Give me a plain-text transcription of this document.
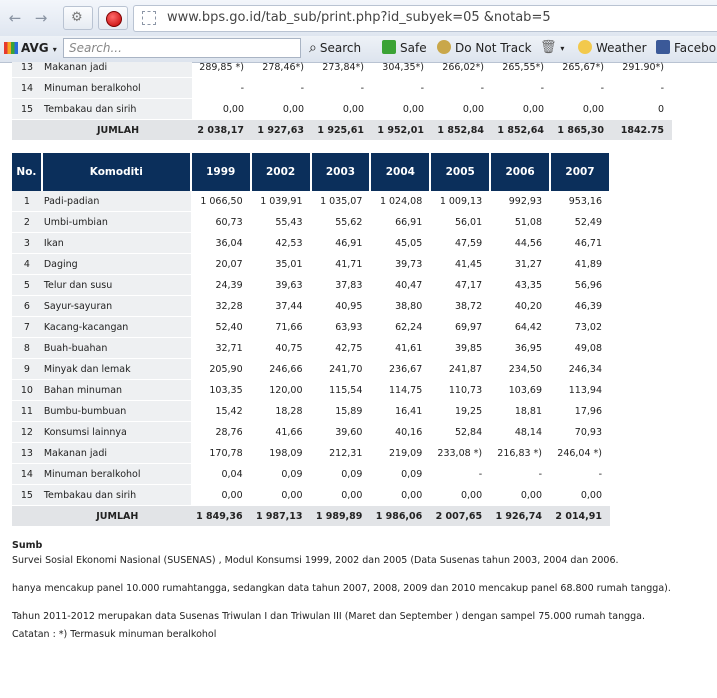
← →	⚙	www.bps.go.id/tab_sub/print.php?id_subyek=05 &notab=5
AVG ▾	Search...	⌕ Search	Safe	Do Not Track 🗑 ▾	Weather	Facebo
13	Makanan jadi	289,85 *)	278,46*)	273,84*)	304,35*)	266,02*)	265,55*)	265,67*)	291.90*)
14	Minuman beralkohol	-	-	-	-	-	-	-	-
15	Tembakau dan sirih	0,00	0,00	0,00	0,00	0,00	0,00	0,00	0
	JUMLAH	2 038,17	1 927,63	1 925,61	1 952,01	1 852,84	1 852,64	1 865,30	1842.75
No.	Komoditi	1999	2002	2003	2004	2005	2006	2007
1	Padi-padian	1 066,50	1 039,91	1 035,07	1 024,08	1 009,13	992,93	953,16
2	Umbi-umbian	60,73	55,43	55,62	66,91	56,01	51,08	52,49
3	Ikan	36,04	42,53	46,91	45,05	47,59	44,56	46,71
4	Daging	20,07	35,01	41,71	39,73	41,45	31,27	41,89
5	Telur dan susu	24,39	39,63	37,83	40,47	47,17	43,35	56,96
6	Sayur-sayuran	32,28	37,44	40,95	38,80	38,72	40,20	46,39
7	Kacang-kacangan	52,40	71,66	63,93	62,24	69,97	64,42	73,02
8	Buah-buahan	32,71	40,75	42,75	41,61	39,85	36,95	49,08
9	Minyak dan lemak	205,90	246,66	241,70	236,67	241,87	234,50	246,34
10	Bahan minuman	103,35	120,00	115,54	114,75	110,73	103,69	113,94
11	Bumbu-bumbuan	15,42	18,28	15,89	16,41	19,25	18,81	17,96
12	Konsumsi lainnya	28,76	41,66	39,60	40,16	52,84	48,14	70,93
13	Makanan jadi	170,78	198,09	212,31	219,09	233,08 *)	216,83 *)	246,04 *)
14	Minuman beralkohol	0,04	0,09	0,09	0,09	-	-	-
15	Tembakau dan sirih	0,00	0,00	0,00	0,00	0,00	0,00	0,00
	JUMLAH	1 849,36	1 987,13	1 989,89	1 986,06	2 007,65	1 926,74	2 014,91

Sumb

Survei Sosial Ekonomi Nasional (SUSENAS) , Modul Konsumsi 1999, 2002 dan 2005 (Data Susenas tahun 2003, 2004 dan 2006.

hanya mencakup panel 10.000 rumahtangga, sedangkan data tahun 2007, 2008, 2009 dan 2010 mencakup panel 68.800 rumah tangga).

Tahun 2011-2012 merupakan data Susenas Triwulan I dan Triwulan III (Maret dan September ) dengan sampel 75.000 rumah tangga.

Catatan : *) Termasuk minuman beralkohol
